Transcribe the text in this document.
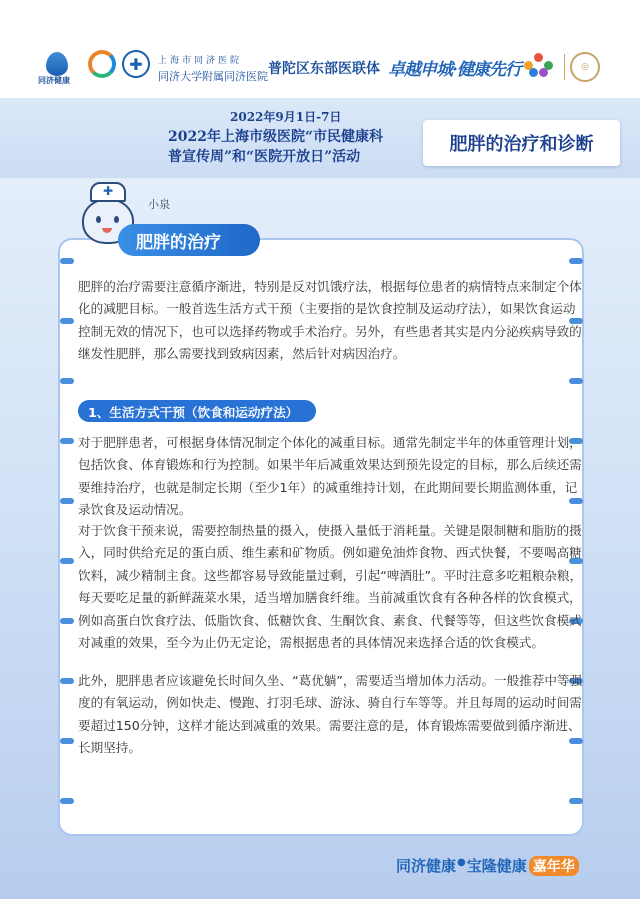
同济健康
✚	上海市同济医院
同济大学附属同济医院 普陀区东部医联体 卓越申城·健康先行	◎
2022年9月1日-7日
2022年上海市级医院“市民健康科
普宣传周”和“医院开放日”活动
肥胖的治疗和诊断
✚
小泉
肥胖的治疗

肥胖的治疗需要注意循序渐进，特别是反对饥饿疗法，根据每位患者的病情特点来制定个体化的减肥目标。一般首选生活方式干预（主要指的是饮食控制及运动疗法），如果饮食运动控制无效的情况下，也可以选择药物或手术治疗。另外，有些患者其实是内分泌疾病导致的继发性肥胖，那么需要找到致病因素，然后针对病因治疗。

1、生活方式干预（饮食和运动疗法）

对于肥胖患者，可根据身体情况制定个体化的减重目标。通常先制定半年的体重管理计划，包括饮食、体育锻炼和行为控制。如果半年后减重效果达到预先设定的目标，那么后续还需要维持治疗，也就是制定长期（至少1年）的减重维持计划，在此期间要长期监测体重，记录饮食及运动情况。

对于饮食干预来说，需要控制热量的摄入，使摄入量低于消耗量。关键是限制糖和脂肪的摄入，同时供给充足的蛋白质、维生素和矿物质。例如避免油炸食物、西式快餐，不要喝高糖饮料，减少精制主食。这些都容易导致能量过剩，引起“啤酒肚”。平时注意多吃粗粮杂粮，每天要吃足量的新鲜蔬菜水果，适当增加膳食纤维。当前减重饮食有各种各样的饮食模式，例如高蛋白饮食疗法、低脂饮食、低糖饮食、生酮饮食、素食、代餐等等，但这些饮食模式对减重的效果，至今为止仍无定论，需根据患者的具体情况来选择合适的饮食模式。

此外，肥胖患者应该避免长时间久坐、“葛优躺”，需要适当增加体力活动。一般推荐中等强度的有氧运动，例如快走、慢跑、打羽毛球、游泳、骑自行车等等。并且每周的运动时间需要超过150分钟，这样才能达到减重的效果。需要注意的是，体育锻炼需要做到循序渐进、长期坚持。

同济健康●宝隆健康 嘉年华
